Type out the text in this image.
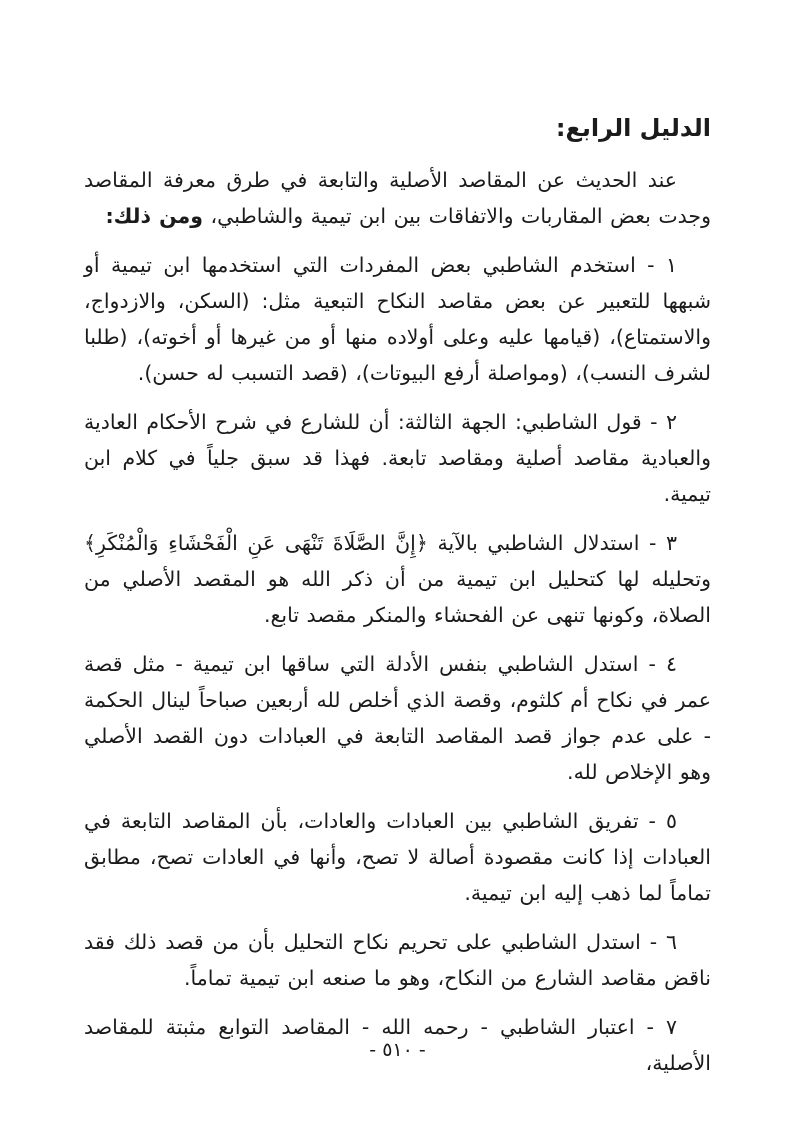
الدليل الرابع:

عند الحديث عن المقاصد الأصلية والتابعة في طرق معرفة المقاصد وجدت بعض المقاربات والاتفاقات بين ابن تيمية والشاطبي، ومن ذلك:

١ - استخدم الشاطبي بعض المفردات التي استخدمها ابن تيمية أو شبهها للتعبير عن بعض مقاصد النكاح التبعية مثل: (السكن، والازدواج، والاستمتاع)، (قيامها عليه وعلى أولاده منها أو من غيرها أو أخوته)، (طلبا لشرف النسب)، (ومواصلة أرفع البيوتات)، (قصد التسبب له حسن).

٢ - قول الشاطبي: الجهة الثالثة: أن للشارع في شرح الأحكام العادية والعبادية مقاصد أصلية ومقاصد تابعة. فهذا قد سبق جلياً في كلام ابن تيمية.

٣ - استدلال الشاطبي بالآية ﴿إِنَّ الصَّلَاةَ تَنْهَى عَنِ الْفَحْشَاءِ وَالْمُنْكَرِ﴾ وتحليله لها كتحليل ابن تيمية من أن ذكر الله هو المقصد الأصلي من الصلاة، وكونها تنهى عن الفحشاء والمنكر مقصد تابع.

٤ - استدل الشاطبي بنفس الأدلة التي ساقها ابن تيمية - مثل قصة عمر في نكاح أم كلثوم، وقصة الذي أخلص لله أربعين صباحاً لينال الحكمة - على عدم جواز قصد المقاصد التابعة في العبادات دون القصد الأصلي وهو الإخلاص لله.

٥ - تفريق الشاطبي بين العبادات والعادات، بأن المقاصد التابعة في العبادات إذا كانت مقصودة أصالة لا تصح، وأنها في العادات تصح، مطابق تماماً لما ذهب إليه ابن تيمية.

٦ - استدل الشاطبي على تحريم نكاح التحليل بأن من قصد ذلك فقد ناقض مقاصد الشارع من النكاح، وهو ما صنعه ابن تيمية تماماً.

٧ - اعتبار الشاطبي - رحمه الله - المقاصد التوابع مثبتة للمقاصد الأصلية،

- ٥١٠ -
